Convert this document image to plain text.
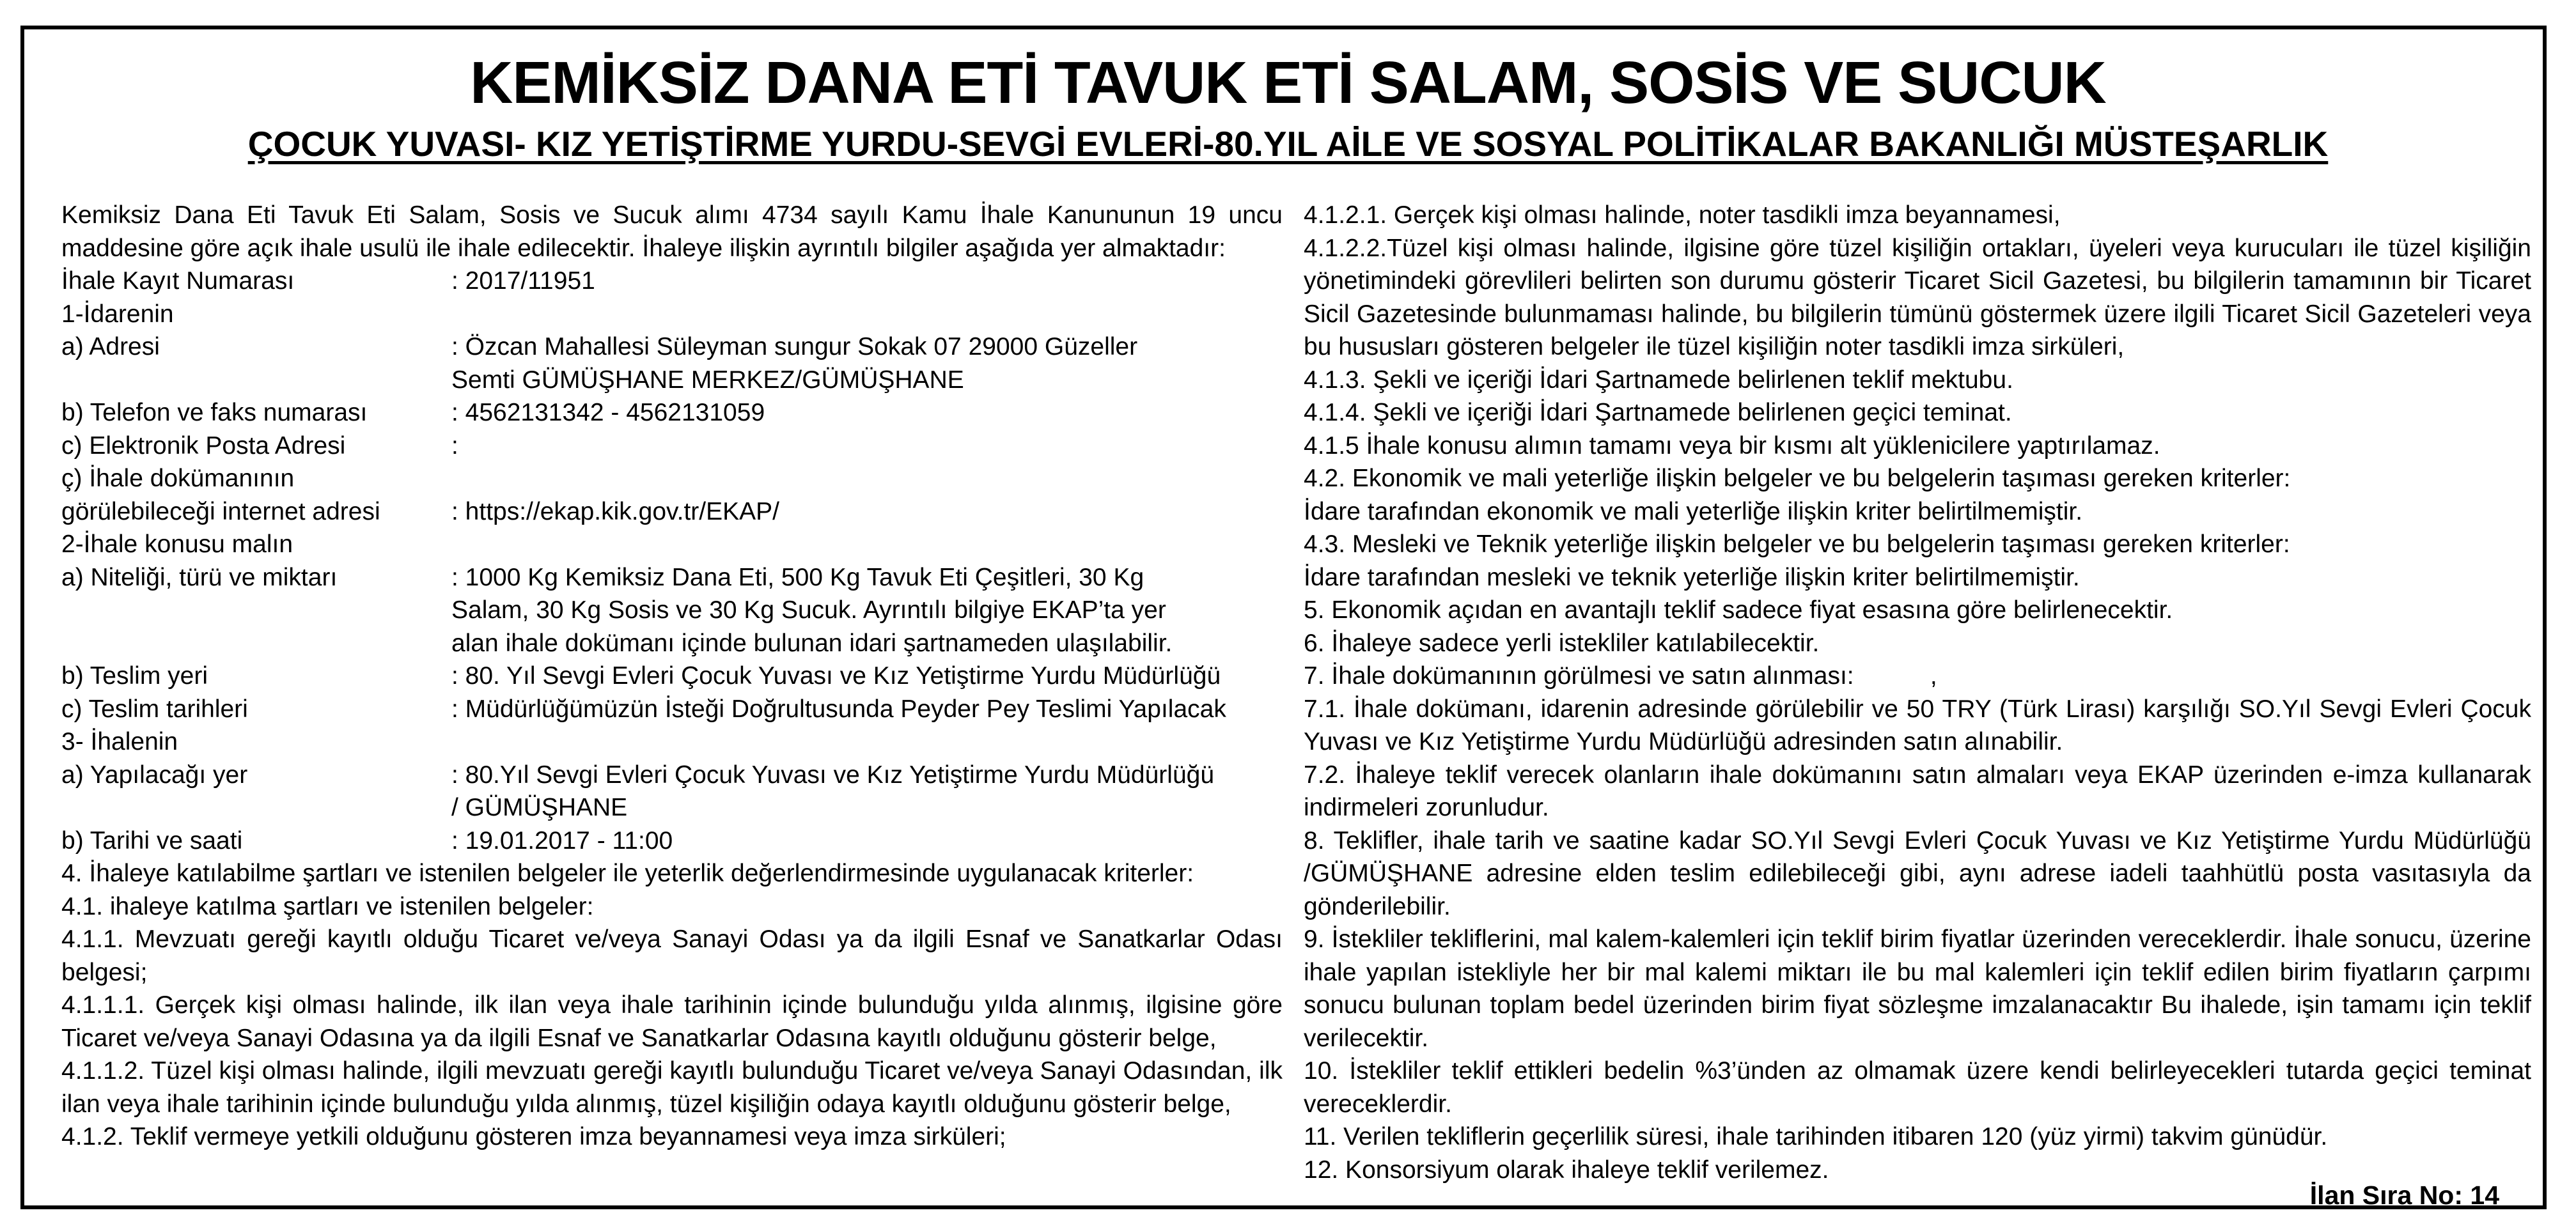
KEMİKSİZ DANA ETİ TAVUK ETİ SALAM, SOSİS VE SUCUK
ÇOCUK YUVASI- KIZ YETİŞTİRME YURDU-SEVGİ EVLERİ-80.YIL AİLE VE SOSYAL POLİTİKALAR BAKANLIĞI MÜSTEŞARLIK

Kemiksiz Dana Eti Tavuk Eti Salam, Sosis ve Sucuk alımı 4734 sayılı Kamu İhale Kanununun 19 uncu maddesine göre açık ihale usulü ile ihale edilecektir. İhaleye ilişkin ayrıntılı bilgiler aşağıda yer almaktadır:

İhale Kayıt Numarası	: 2017/11951
1-İdarenin
a) Adresi	: Özcan Mahallesi Süleyman sungur Sokak 07 29000 Güzeller
Semti GÜMÜŞHANE MERKEZ/GÜMÜŞHANE
b) Telefon ve faks numarası	: 4562131342 - 4562131059
c) Elektronik Posta Adresi	:
ç) İhale dokümanının
görülebileceği internet adresi	: https://ekap.kik.gov.tr/EKAP/
2-İhale konusu malın
a) Niteliği, türü ve miktarı	: 1000 Kg Kemiksiz Dana Eti, 500 Kg Tavuk Eti Çeşitleri, 30 Kg
Salam, 30 Kg Sosis ve 30 Kg Sucuk. Ayrıntılı bilgiye EKAP’ta yer
alan ihale dokümanı içinde bulunan idari şartnameden ulaşılabilir.
b) Teslim yeri	: 80. Yıl Sevgi Evleri Çocuk Yuvası ve Kız Yetiştirme Yurdu Müdürlüğü
c) Teslim tarihleri	: Müdürlüğümüzün İsteği Doğrultusunda Peyder Pey Teslimi Yapılacak
3- İhalenin
a) Yapılacağı yer	: 80.Yıl Sevgi Evleri Çocuk Yuvası ve Kız Yetiştirme Yurdu Müdürlüğü
/ GÜMÜŞHANE
b) Tarihi ve saati	: 19.01.2017 - 11:00

4. İhaleye katılabilme şartları ve istenilen belgeler ile yeterlik değerlendirmesinde uygulanacak kriterler:

4.1. ihaleye katılma şartları ve istenilen belgeler:

4.1.1. Mevzuatı gereği kayıtlı olduğu Ticaret ve/veya Sanayi Odası ya da ilgili Esnaf ve Sanatkarlar Odası belgesi;

4.1.1.1. Gerçek kişi olması halinde, ilk ilan veya ihale tarihinin içinde bulunduğu yılda alınmış, ilgisine göre Ticaret ve/veya Sanayi Odasına ya da ilgili Esnaf ve Sanatkarlar Odasına kayıtlı olduğunu gösterir belge,

4.1.1.2. Tüzel kişi olması halinde, ilgili mevzuatı gereği kayıtlı bulunduğu Ticaret ve/veya Sanayi Odasından, ilk ilan veya ihale tarihinin içinde bulunduğu yılda alınmış, tüzel kişiliğin odaya kayıtlı olduğunu gösterir belge,

4.1.2. Teklif vermeye yetkili olduğunu gösteren imza beyannamesi veya imza sirküleri;

4.1.2.1. Gerçek kişi olması halinde, noter tasdikli imza beyannamesi,

4.1.2.2.Tüzel kişi olması halinde, ilgisine göre tüzel kişiliğin ortakları, üyeleri veya kurucuları ile tüzel kişiliğin yönetimindeki görevlileri belirten son durumu gösterir Ticaret Sicil Gazetesi, bu bilgilerin tamamının bir Ticaret Sicil Gazetesinde bulunmaması halinde, bu bilgilerin tümünü göstermek üzere ilgili Ticaret Sicil Gazeteleri veya bu hususları gösteren belgeler ile tüzel kişiliğin noter tasdikli imza sirküleri,

4.1.3. Şekli ve içeriği İdari Şartnamede belirlenen teklif mektubu.

4.1.4. Şekli ve içeriği İdari Şartnamede belirlenen geçici teminat.

4.1.5 İhale konusu alımın tamamı veya bir kısmı alt yüklenicilere yaptırılamaz.

4.2. Ekonomik ve mali yeterliğe ilişkin belgeler ve bu belgelerin taşıması gereken kriterler:

İdare tarafından ekonomik ve mali yeterliğe ilişkin kriter belirtilmemiştir.

4.3. Mesleki ve Teknik yeterliğe ilişkin belgeler ve bu belgelerin taşıması gereken kriterler:

İdare tarafından mesleki ve teknik yeterliğe ilişkin kriter belirtilmemiştir.

5. Ekonomik açıdan en avantajlı teklif sadece fiyat esasına göre belirlenecektir.

6. İhaleye sadece yerli istekliler katılabilecektir.

7. İhale dokümanının görülmesi ve satın alınması:           ,

7.1. İhale dokümanı, idarenin adresinde görülebilir ve 50 TRY (Türk Lirası) karşılığı SO.Yıl Sevgi Evleri Çocuk Yuvası ve Kız Yetiştirme Yurdu Müdürlüğü adresinden satın alınabilir.

7.2. İhaleye teklif verecek olanların ihale dokümanını satın almaları veya EKAP üzerinden e-imza kullanarak indirmeleri zorunludur.

8. Teklifler, ihale tarih ve saatine kadar SO.Yıl Sevgi Evleri Çocuk Yuvası ve Kız Yetiştirme Yurdu Müdürlüğü /GÜMÜŞHANE adresine elden teslim edilebileceği gibi, aynı adrese iadeli taahhütlü posta vasıtasıyla da gönderilebilir.

9. İstekliler tekliflerini, mal kalem-kalemleri için teklif birim fiyatlar üzerinden vereceklerdir. İhale sonucu, üzerine ihale yapılan istekliyle her bir mal kalemi miktarı ile bu mal kalemleri için teklif edilen birim fiyatların çarpımı sonucu bulunan toplam bedel üzerinden birim fiyat sözleşme imzalanacaktır Bu ihalede, işin tamamı için teklif verilecektir.

10. İstekliler teklif ettikleri bedelin %3’ünden az olmamak üzere kendi belirleyecekleri tutarda geçici teminat vereceklerdir.

11. Verilen tekliflerin geçerlilik süresi, ihale tarihinden itibaren 120 (yüz yirmi) takvim günüdür.

12. Konsorsiyum olarak ihaleye teklif verilemez.

İlan Sıra No: 14
